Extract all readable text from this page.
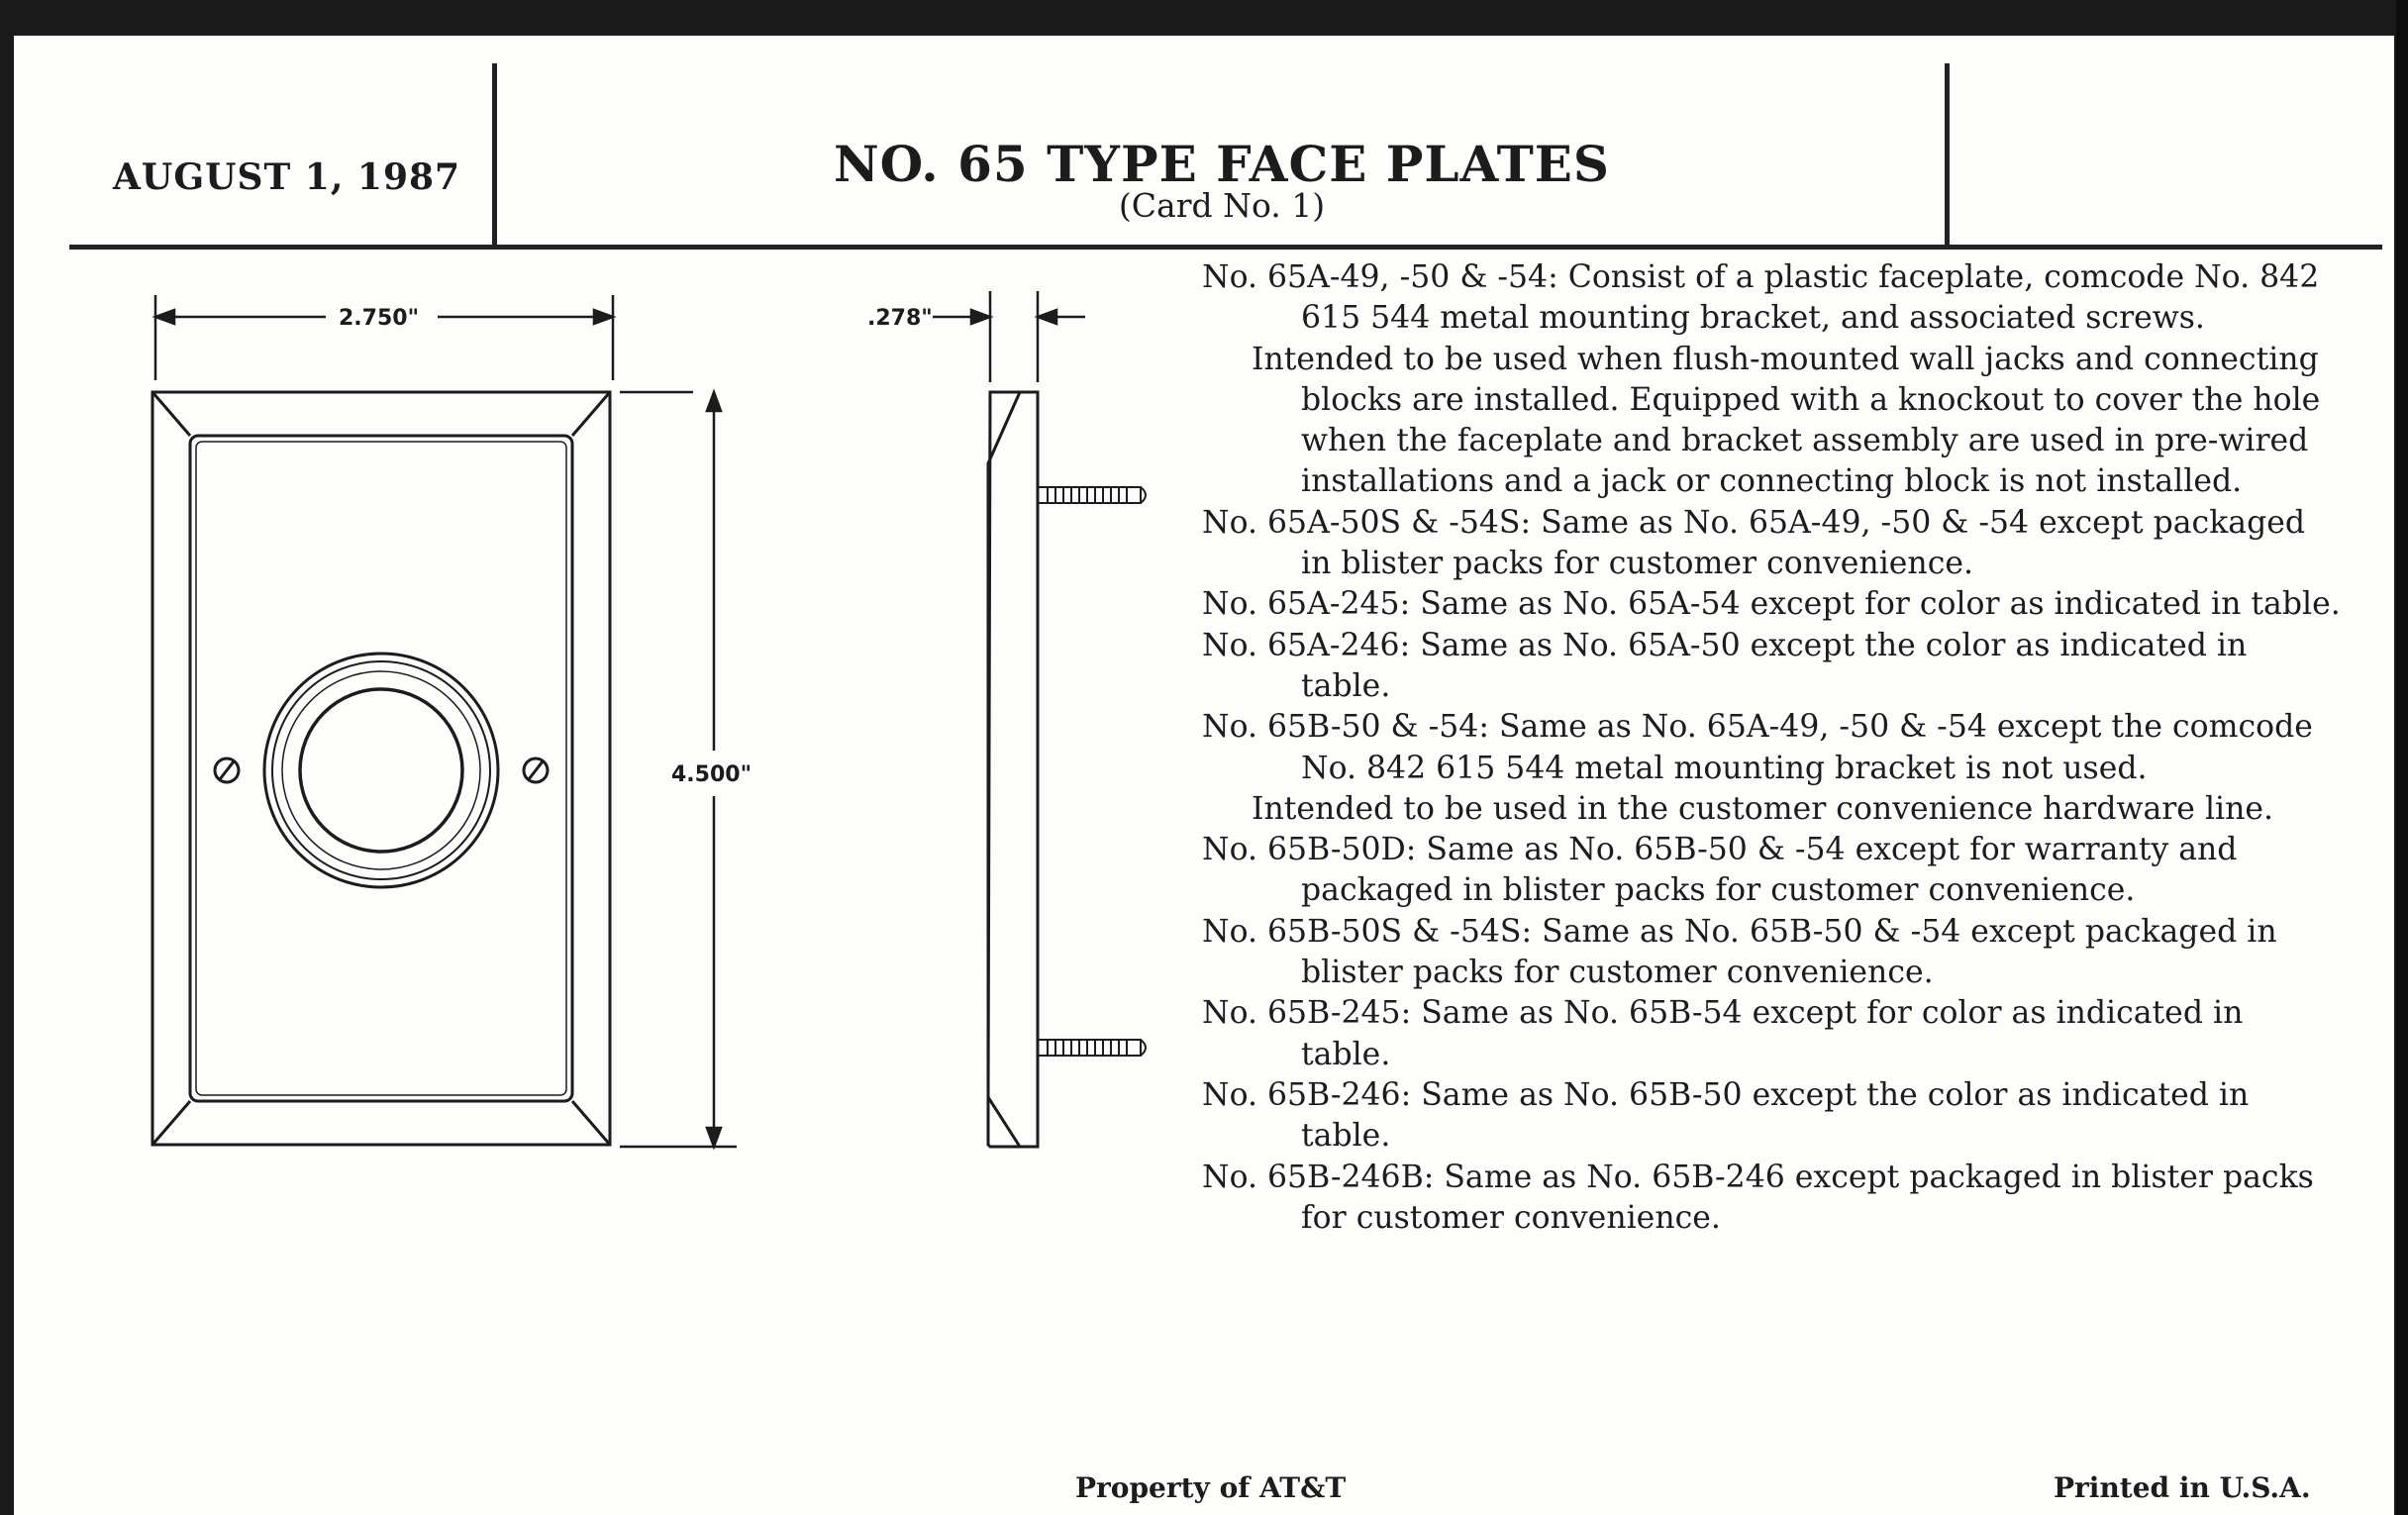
AUGUST 1, 1987	NO. 65 TYPE FACE PLATES
(Card No. 1)
2.750"
4.500"
.278"

No. 65A-49, -50 & -54: Consist of a plastic faceplate, comcode No. 842 615 544 metal mounting bracket, and associated screws.

Intended to be used when flush-mounted wall jacks and connecting blocks are installed. Equipped with a knockout to cover the hole when the faceplate and bracket assembly are used in pre-wired installations and a jack or connecting block is not installed.

No. 65A-50S & -54S: Same as No. 65A-49, -50 & -54 except packaged in blister packs for customer convenience.

No. 65A-245: Same as No. 65A-54 except for color as indicated in table.

No. 65A-246: Same as No. 65A-50 except the color as indicated in table.

No. 65B-50 & -54: Same as No. 65A-49, -50 & -54 except the comcode No. 842 615 544 metal mounting bracket is not used.

Intended to be used in the customer convenience hardware line.

No. 65B-50D: Same as No. 65B-50 & -54 except for warranty and packaged in blister packs for customer convenience.

No. 65B-50S & -54S: Same as No. 65B-50 & -54 except packaged in blister packs for customer convenience.

No. 65B-245: Same as No. 65B-54 except for color as indicated in table.

No. 65B-246: Same as No. 65B-50 except the color as indicated in table.

No. 65B-246B: Same as No. 65B-246 except packaged in blister packs for customer convenience.

Property of AT&T	Printed in U.S.A.
